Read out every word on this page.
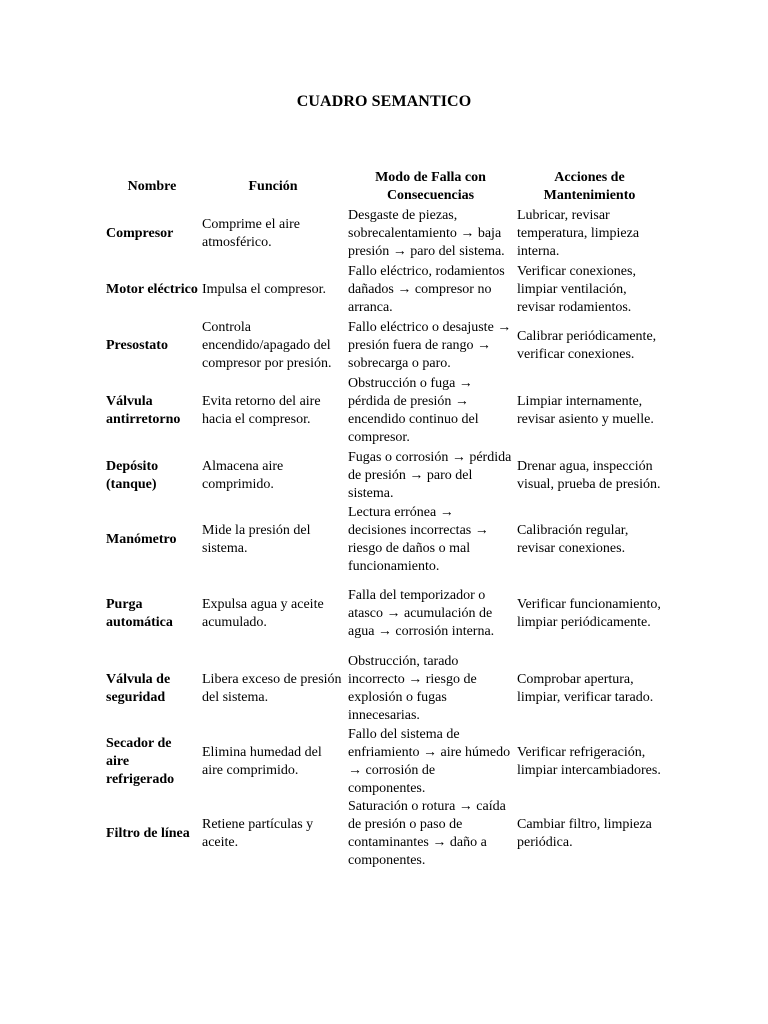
CUADRO SEMANTICO
Nombre	Función	Modo de Falla con Consecuencias	Acciones de Mantenimiento
Compresor	Comprime el aire atmosférico.	Desgaste de piezas, sobrecalentamiento → baja presión → paro del sistema.	Lubricar, revisar temperatura, limpieza interna.
Motor eléctrico	Impulsa el compresor.	Fallo eléctrico, rodamientos dañados → compresor no arranca.	Verificar conexiones, limpiar ventilación, revisar rodamientos.
Presostato	Controla encendido/apagado del compresor por presión.	Fallo eléctrico o desajuste → presión fuera de rango → sobrecarga o paro.	Calibrar periódicamente, verificar conexiones.
Válvula antirretorno	Evita retorno del aire hacia el compresor.	Obstrucción o fuga → pérdida de presión → encendido continuo del compresor.	Limpiar internamente, revisar asiento y muelle.
Depósito (tanque)	Almacena aire comprimido.	Fugas o corrosión → pérdida de presión → paro del sistema.	Drenar agua, inspección visual, prueba de presión.
Manómetro	Mide la presión del sistema.	Lectura errónea → decisiones incorrectas → riesgo de daños o mal funcionamiento.	Calibración regular, revisar conexiones.
Purga automática	Expulsa agua y aceite acumulado.	Falla del temporizador o atasco → acumulación de agua → corrosión interna.	Verificar funcionamiento, limpiar periódicamente.
Válvula de seguridad	Libera exceso de presión del sistema.	Obstrucción, tarado incorrecto → riesgo de explosión o fugas innecesarias.	Comprobar apertura, limpiar, verificar tarado.
Secador de aire refrigerado	Elimina humedad del aire comprimido.	Fallo del sistema de enfriamiento → aire húmedo → corrosión de componentes.	Verificar refrigeración, limpiar intercambiadores.
Filtro de línea	Retiene partículas y aceite.	Saturación o rotura → caída de presión o paso de contaminantes → daño a componentes.	Cambiar filtro, limpieza periódica.
